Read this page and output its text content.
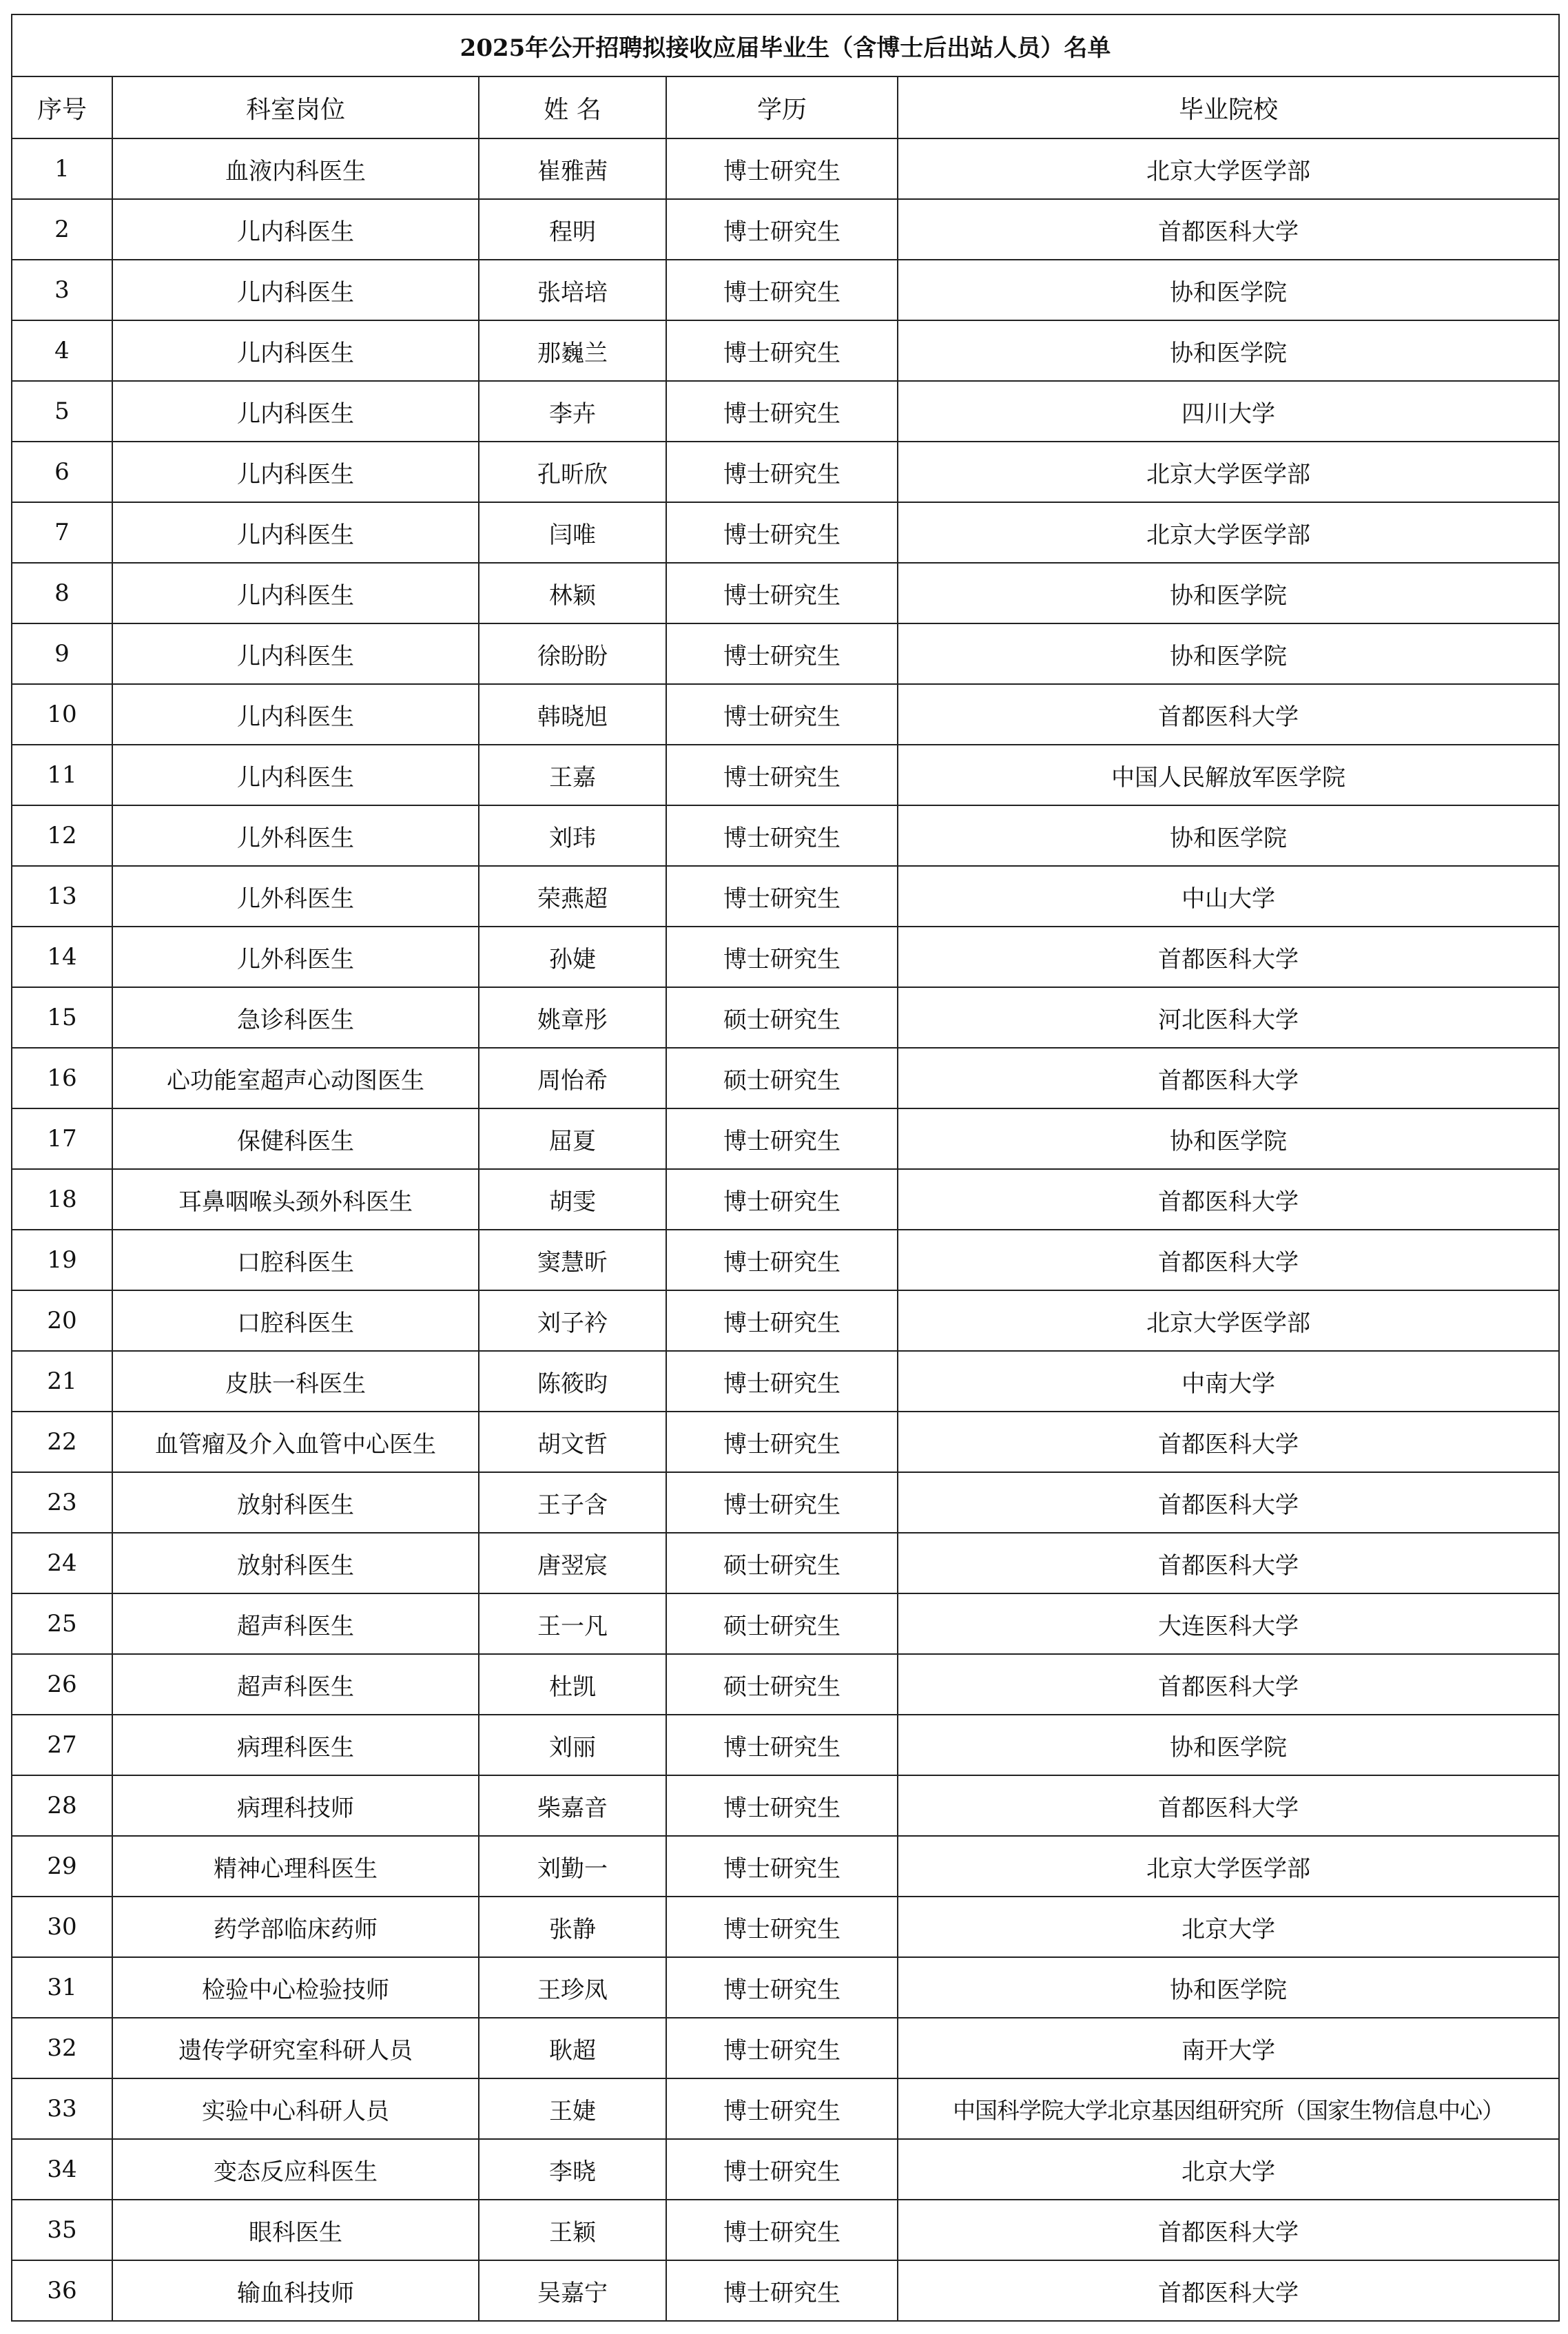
2025年公开招聘拟接收应届毕业生（含博士后出站人员）名单				
序号	科室岗位	姓 名	学历	毕业院校
1	血液内科医生	崔雅茜	博士研究生	北京大学医学部
2	儿内科医生	程明	博士研究生	首都医科大学
3	儿内科医生	张培培	博士研究生	协和医学院
4	儿内科医生	那巍兰	博士研究生	协和医学院
5	儿内科医生	李卉	博士研究生	四川大学
6	儿内科医生	孔昕欣	博士研究生	北京大学医学部
7	儿内科医生	闫唯	博士研究生	北京大学医学部
8	儿内科医生	林颖	博士研究生	协和医学院
9	儿内科医生	徐盼盼	博士研究生	协和医学院
10	儿内科医生	韩晓旭	博士研究生	首都医科大学
11	儿内科医生	王嘉	博士研究生	中国人民解放军医学院
12	儿外科医生	刘玮	博士研究生	协和医学院
13	儿外科医生	荣燕超	博士研究生	中山大学
14	儿外科医生	孙婕	博士研究生	首都医科大学
15	急诊科医生	姚章彤	硕士研究生	河北医科大学
16	心功能室超声心动图医生	周怡希	硕士研究生	首都医科大学
17	保健科医生	屈夏	博士研究生	协和医学院
18	耳鼻咽喉头颈外科医生	胡雯	博士研究生	首都医科大学
19	口腔科医生	窦慧昕	博士研究生	首都医科大学
20	口腔科医生	刘子衿	博士研究生	北京大学医学部
21	皮肤一科医生	陈筱昀	博士研究生	中南大学
22	血管瘤及介入血管中心医生	胡文哲	博士研究生	首都医科大学
23	放射科医生	王子含	博士研究生	首都医科大学
24	放射科医生	唐翌宸	硕士研究生	首都医科大学
25	超声科医生	王一凡	硕士研究生	大连医科大学
26	超声科医生	杜凯	硕士研究生	首都医科大学
27	病理科医生	刘丽	博士研究生	协和医学院
28	病理科技师	柴嘉音	博士研究生	首都医科大学
29	精神心理科医生	刘勤一	博士研究生	北京大学医学部
30	药学部临床药师	张静	博士研究生	北京大学
31	检验中心检验技师	王珍凤	博士研究生	协和医学院
32	遗传学研究室科研人员	耿超	博士研究生	南开大学
33	实验中心科研人员	王婕	博士研究生	中国科学院大学北京基因组研究所（国家生物信息中心）
34	变态反应科医生	李晓	博士研究生	北京大学
35	眼科医生	王颖	博士研究生	首都医科大学
36	输血科技师	吴嘉宁	博士研究生	首都医科大学
